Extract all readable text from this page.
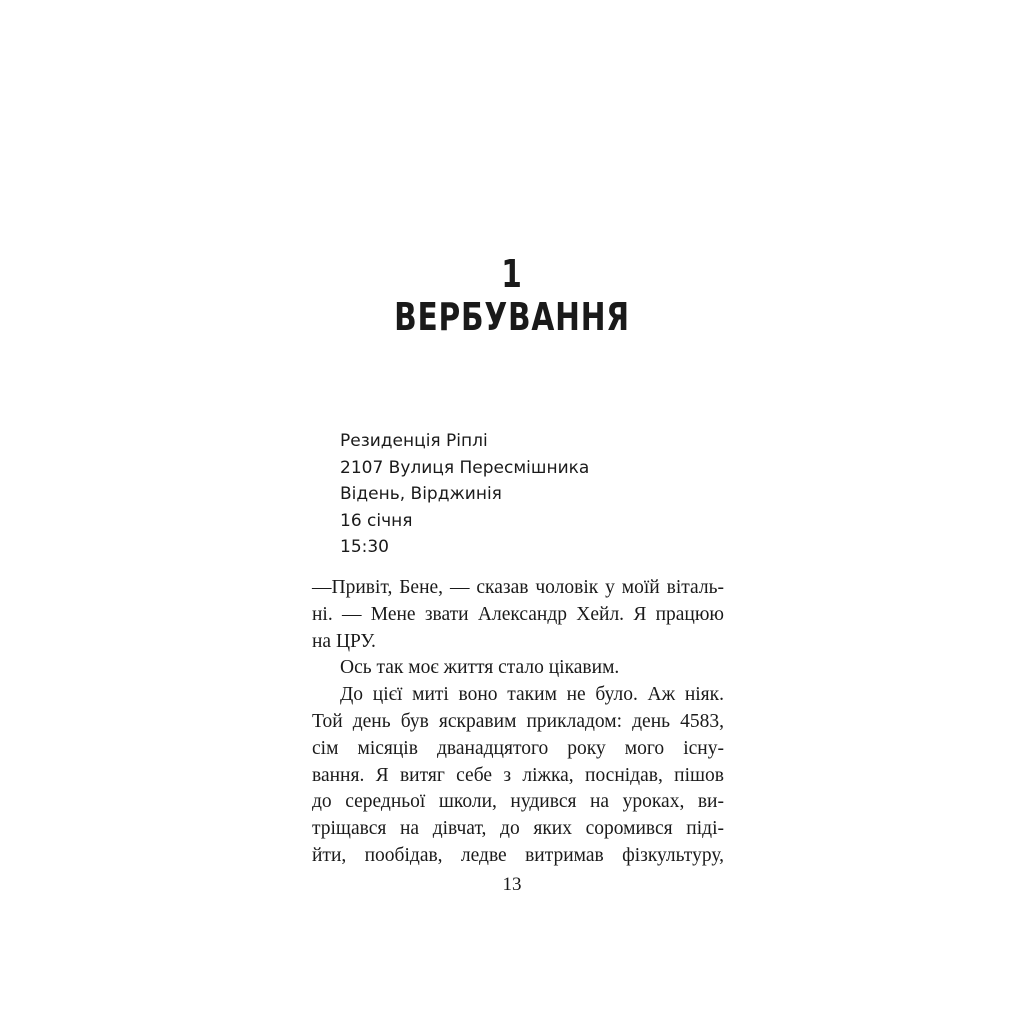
1
ВЕРБУВАННЯ
Резиденція Ріплі
2107 Вулиця Пересмішника
Відень, Вірджинія
16 січня
15:30
—Привіт, Бене, — сказав чоловік у моїй віталь-
ні. — Мене звати Александр Хейл. Я працюю
на ЦРУ.
Ось так моє життя стало цікавим.
До цієї миті воно таким не було. Аж ніяк.
Той день був яскравим прикладом: день 4583,
сім місяців дванадцятого року мого існу-
вання. Я витяг себе з ліжка, поснідав, пішов
до середньої школи, нудився на уроках, ви-
тріщався на дівчат, до яких соромився піді-
йти, пообідав, ледве витримав фізкультуру,
13
